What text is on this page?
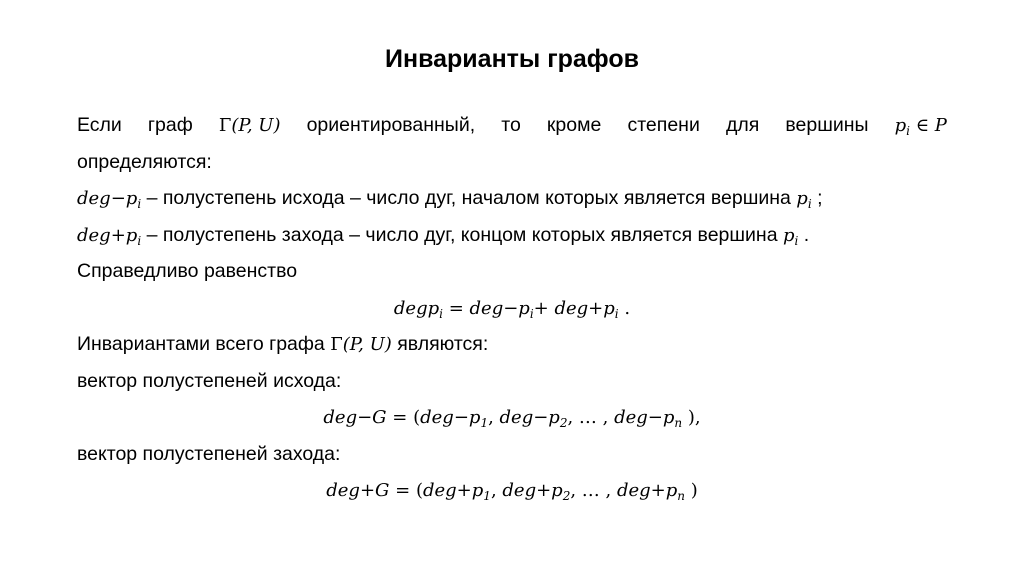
Инварианты графов
Если граф Γ(P, U) ориентированный, то кроме степени для вершины $p_i$ ∈ P
определяются:
$deg-p_i$ – полустепень исхода – число дуг, началом которых является вершина $p_i$ ;
$deg+p_i$ – полустепень захода – число дуг, концом которых является вершина $p_i$ .
Справедливо равенство
degp$_i$ = $deg-p_i+ deg+p_i$ .
Инвариантами всего графа Γ(P, U) являются:
вектор полустепеней исхода:
$deg-G = (deg-p_1$, $deg-p_2$, … , $deg-p_n$ ),
вектор полустепеней захода:
$deg+G = (deg+p_1$, $deg+p_2$, … , $deg+p_n$ )
